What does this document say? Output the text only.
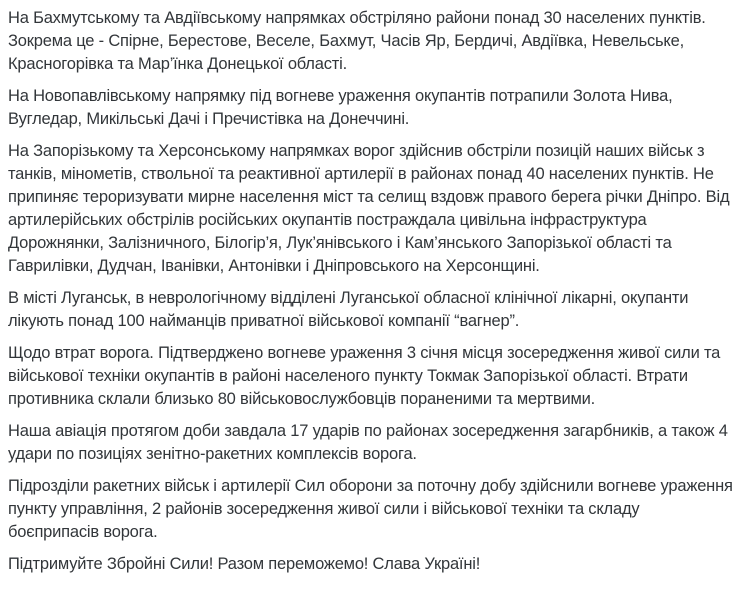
На Бахмутському та Авдіївському напрямках обстріляно райони понад 30 населених пунктів. Зокрема це - Спірне, Берестове, Веселе, Бахмут, Часів Яр, Бердичі, Авдіївка, Невельське, Красногорівка та Мар’їнка Донецької області.

На Новопавлівському напрямку під вогневе ураження окупантів потрапили Золота Нива, Вугледар, Микільські Дачі і Пречистівка на Донеччині.

На Запорізькому та Херсонському напрямках ворог здійснив обстріли позицій наших військ з танків, мінометів, ствольної та реактивної артилерії в районах понад 40 населених пунктів. Не припиняє тероризувати мирне населення міст та селищ вздовж правого берега річки Дніпро. Від артилерійських обстрілів російських окупантів постраждала цивільна інфраструктура Дорожнянки, Залізничного, Білогір’я, Лук’янівського і Кам’янського Запорізької області та Гаврилівки, Дудчан, Іванівки, Антонівки і Дніпровського на Херсонщині.

В місті Луганськ, в неврологічному відділені Луганської обласної клінічної лікарні, окупанти лікують понад 100 найманців приватної військової компанії “вагнер”.

Щодо втрат ворога. Підтверджено вогневе ураження 3 січня місця зосередження живої сили та військової техніки окупантів в районі населеного пункту Токмак Запорізької області. Втрати противника склали близько 80 військовослужбовців пораненими та мертвими.

Наша авіація протягом доби завдала 17 ударів по районах зосередження загарбників, а також 4 удари по позиціях зенітно-ракетних комплексів ворога.

Підрозділи ракетних військ і артилерії Сил оборони за поточну добу здійснили вогневе ураження пункту управління, 2 районів зосередження живої сили і військової техніки та складу боєприпасів ворога.

Підтримуйте Збройні Сили! Разом переможемо! Слава Україні!
